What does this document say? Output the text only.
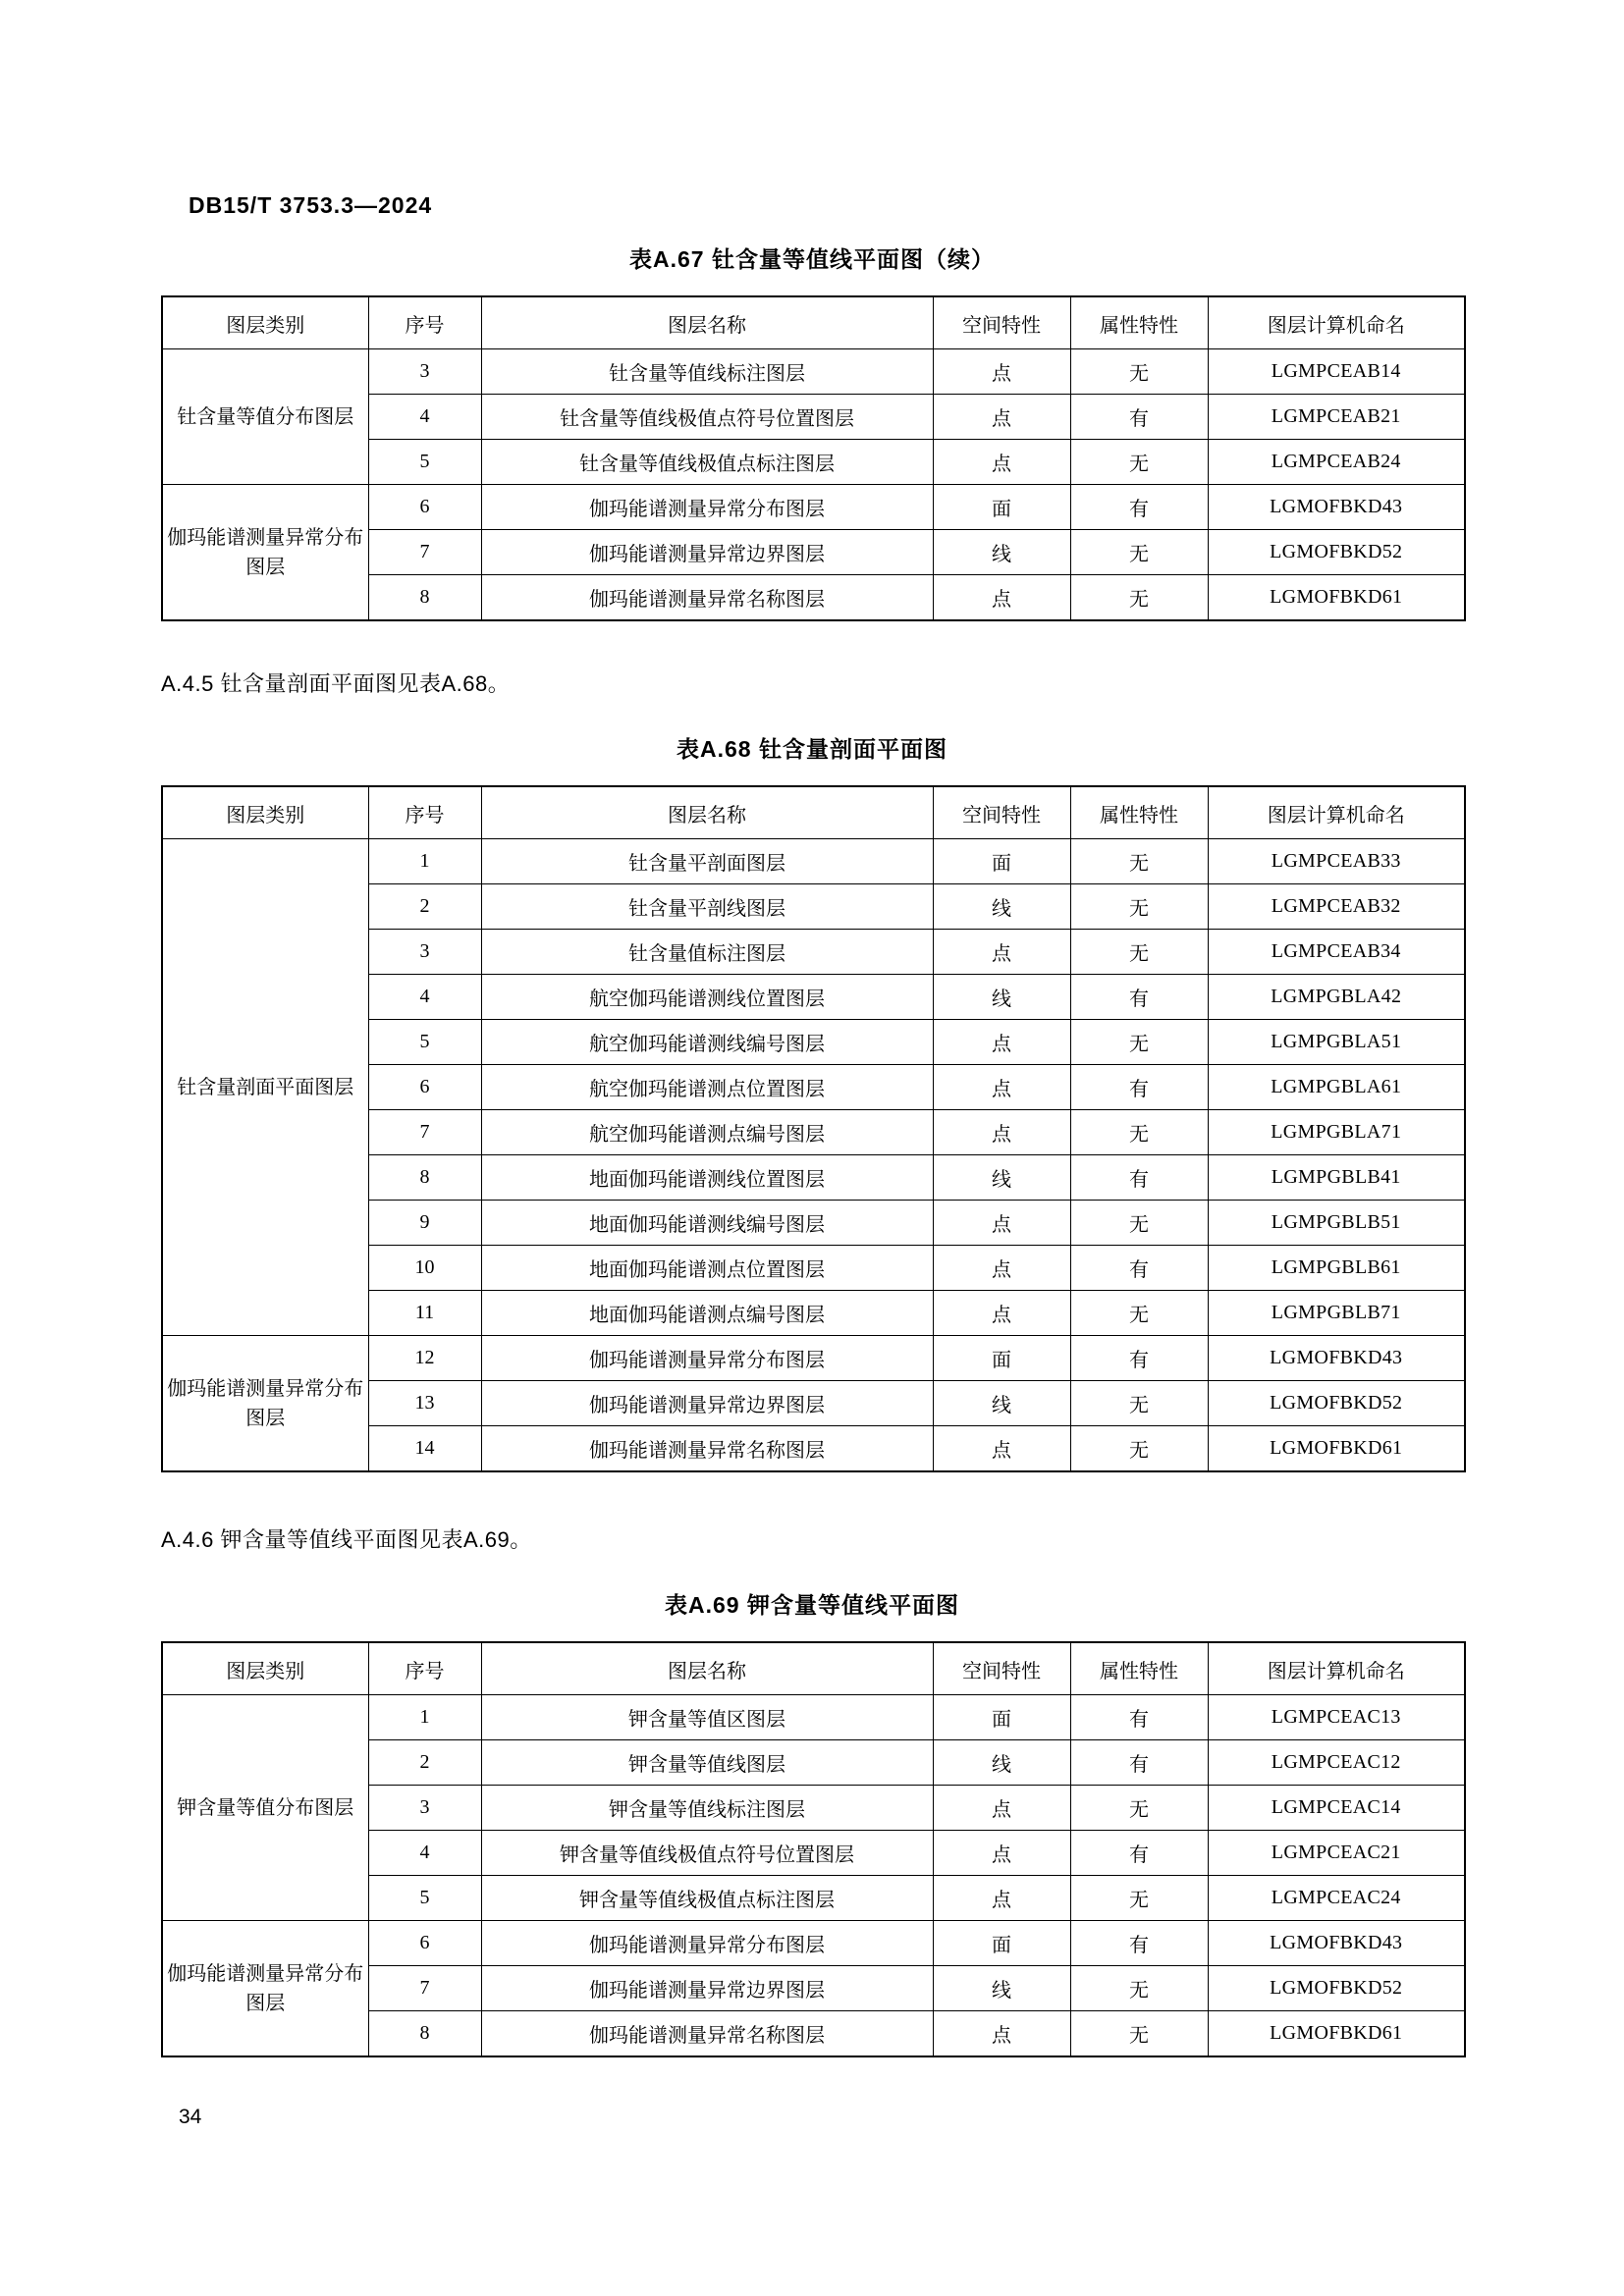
DB15/T 3753.3—2024
表A.67 钍含量等值线平面图（续）
图层类别	序号	图层名称	空间特性	属性特性	图层计算机命名
钍含量等值分布图层	3	钍含量等值线标注图层	点	无	LGMPCEAB14
	4	钍含量等值线极值点符号位置图层	点	有	LGMPCEAB21
	5	钍含量等值线极值点标注图层	点	无	LGMPCEAB24
伽玛能谱测量异常分布图层	6	伽玛能谱测量异常分布图层	面	有	LGMOFBKD43
	7	伽玛能谱测量异常边界图层	线	无	LGMOFBKD52
	8	伽玛能谱测量异常名称图层	点	无	LGMOFBKD61
A.4.5 钍含量剖面平面图见表A.68。
表A.68 钍含量剖面平面图
图层类别	序号	图层名称	空间特性	属性特性	图层计算机命名
钍含量剖面平面图层	1	钍含量平剖面图层	面	无	LGMPCEAB33
	2	钍含量平剖线图层	线	无	LGMPCEAB32
	3	钍含量值标注图层	点	无	LGMPCEAB34
	4	航空伽玛能谱测线位置图层	线	有	LGMPGBLA42
	5	航空伽玛能谱测线编号图层	点	无	LGMPGBLA51
	6	航空伽玛能谱测点位置图层	点	有	LGMPGBLA61
	7	航空伽玛能谱测点编号图层	点	无	LGMPGBLA71
	8	地面伽玛能谱测线位置图层	线	有	LGMPGBLB41
	9	地面伽玛能谱测线编号图层	点	无	LGMPGBLB51
	10	地面伽玛能谱测点位置图层	点	有	LGMPGBLB61
	11	地面伽玛能谱测点编号图层	点	无	LGMPGBLB71
伽玛能谱测量异常分布图层	12	伽玛能谱测量异常分布图层	面	有	LGMOFBKD43
	13	伽玛能谱测量异常边界图层	线	无	LGMOFBKD52
	14	伽玛能谱测量异常名称图层	点	无	LGMOFBKD61
A.4.6 钾含量等值线平面图见表A.69。
表A.69 钾含量等值线平面图
图层类别	序号	图层名称	空间特性	属性特性	图层计算机命名
钾含量等值分布图层	1	钾含量等值区图层	面	有	LGMPCEAC13
	2	钾含量等值线图层	线	有	LGMPCEAC12
	3	钾含量等值线标注图层	点	无	LGMPCEAC14
	4	钾含量等值线极值点符号位置图层	点	有	LGMPCEAC21
	5	钾含量等值线极值点标注图层	点	无	LGMPCEAC24
伽玛能谱测量异常分布图层	6	伽玛能谱测量异常分布图层	面	有	LGMOFBKD43
	7	伽玛能谱测量异常边界图层	线	无	LGMOFBKD52
	8	伽玛能谱测量异常名称图层	点	无	LGMOFBKD61
34
